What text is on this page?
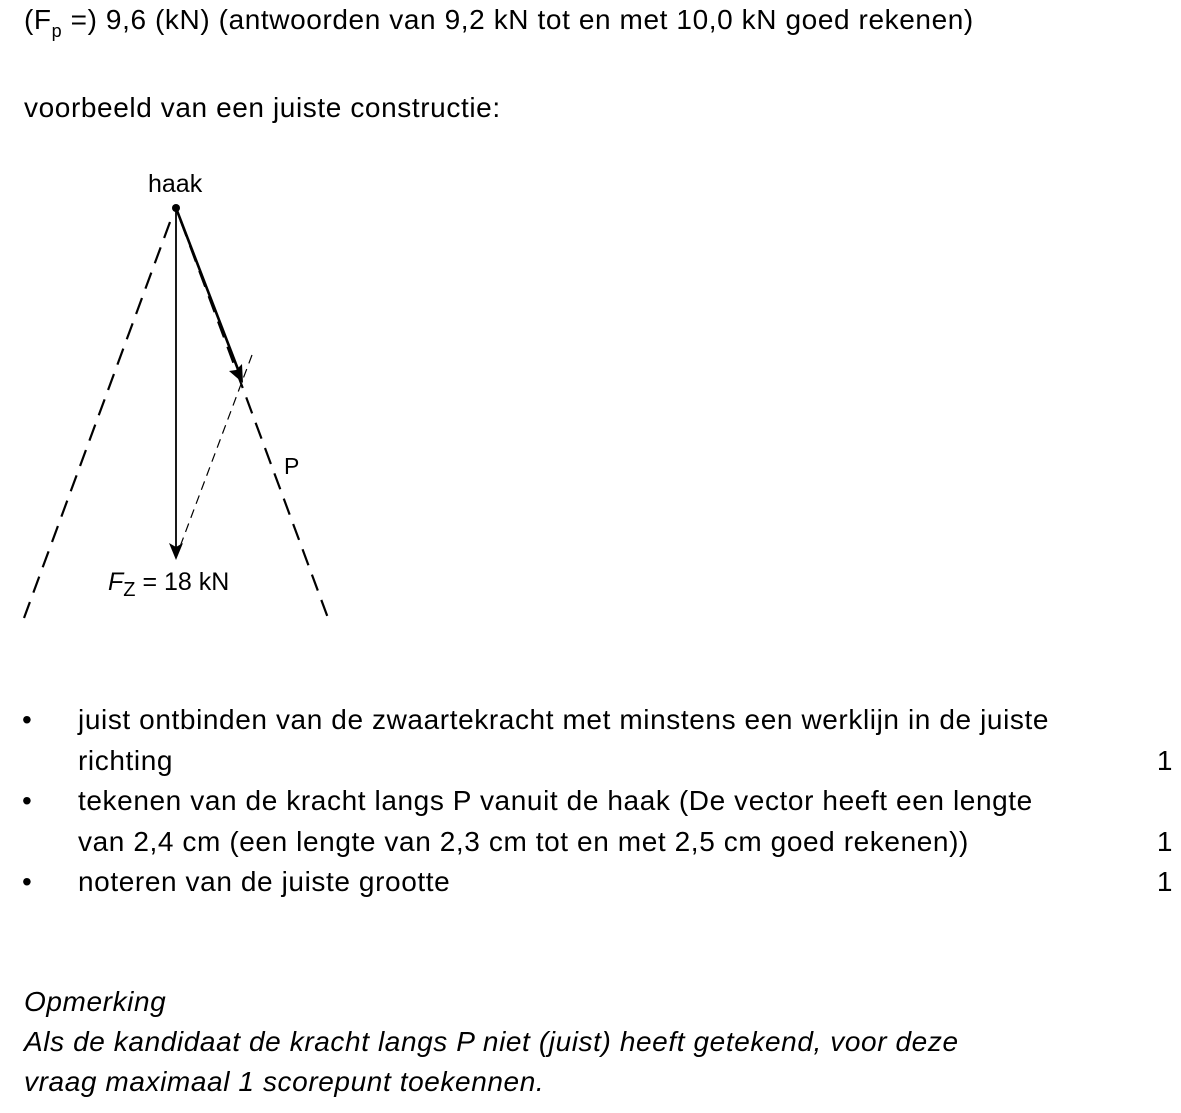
($F_p$ =) 9,6 (kN) (antwoorden van 9,2 kN tot en met 10,0 kN goed rekenen)
voorbeeld van een juiste constructie:
haak
P
$F_Z = 18$ kN
•	juist ontbinden van de zwaartekracht met minstens een werklijn in de juiste richting	1
•	tekenen van de kracht langs P vanuit de haak (De vector heeft een lengte van 2,4 cm (een lengte van 2,3 cm tot en met 2,5 cm goed rekenen))	1
•	noteren van de juiste grootte	1
Opmerking
Als de kandidaat de kracht langs P niet (juist) heeft getekend, voor deze
vraag maximaal 1 scorepunt toekennen.
